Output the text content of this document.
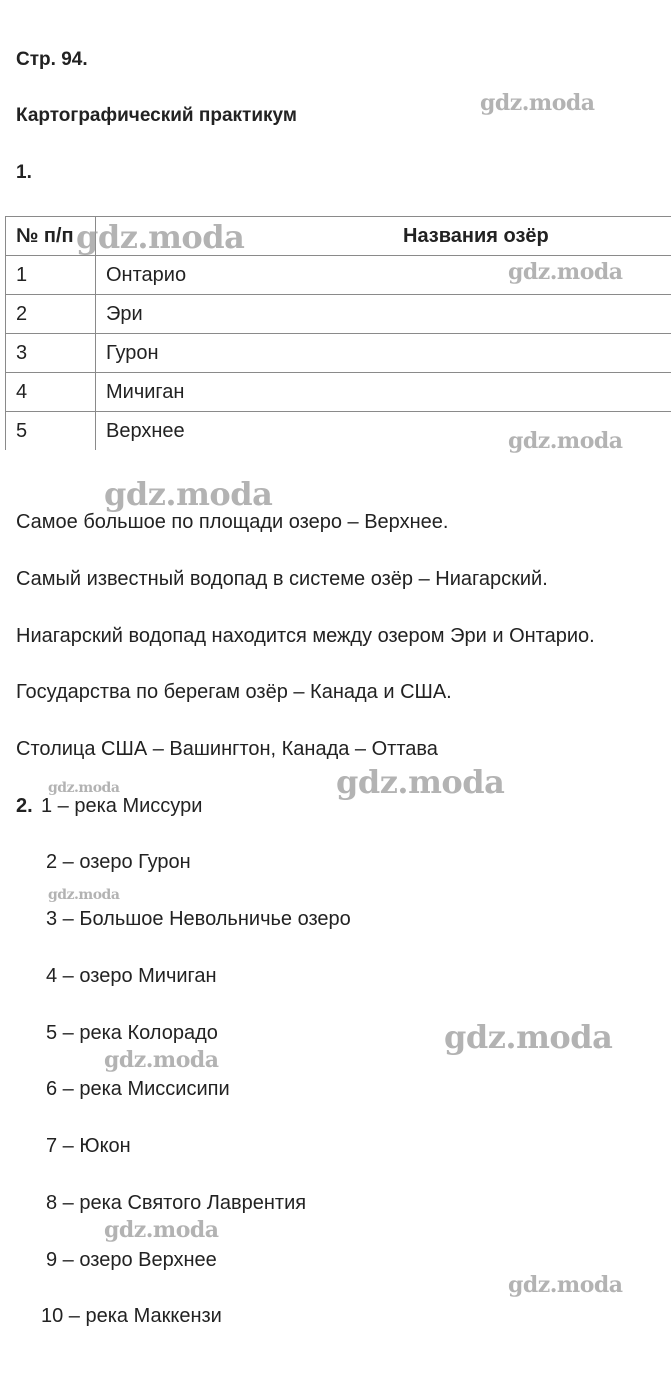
Стр. 94.
Картографический практикум
1.
№ п/п	Названия озёр
1	Онтарио
2	Эри
3	Гурон
4	Мичиган
5	Верхнее
Самое большое по площади озеро – Верхнее.
Самый известный водопад в системе озёр – Ниагарский.
Ниагарский водопад находится между озером Эри и Онтарио.
Государства по берегам озёр – Канада и США.
Столица США – Вашингтон, Канада – Оттава
2. 1 – река Миссури
2 – озеро Гурон
3 – Большое Невольничье озеро
4 – озеро Мичиган
5 – река Колорадо
6 – река Миссисипи
7 – Юкон
8 – река Святого Лаврентия
9 – озеро Верхнее
10 – река Маккензи
gdz.moda
gdz.moda
gdz.moda
gdz.moda
gdz.moda
gdz.moda	gdz.moda
gdz.moda
gdz.moda
gdz.moda
gdz.moda
gdz.moda
